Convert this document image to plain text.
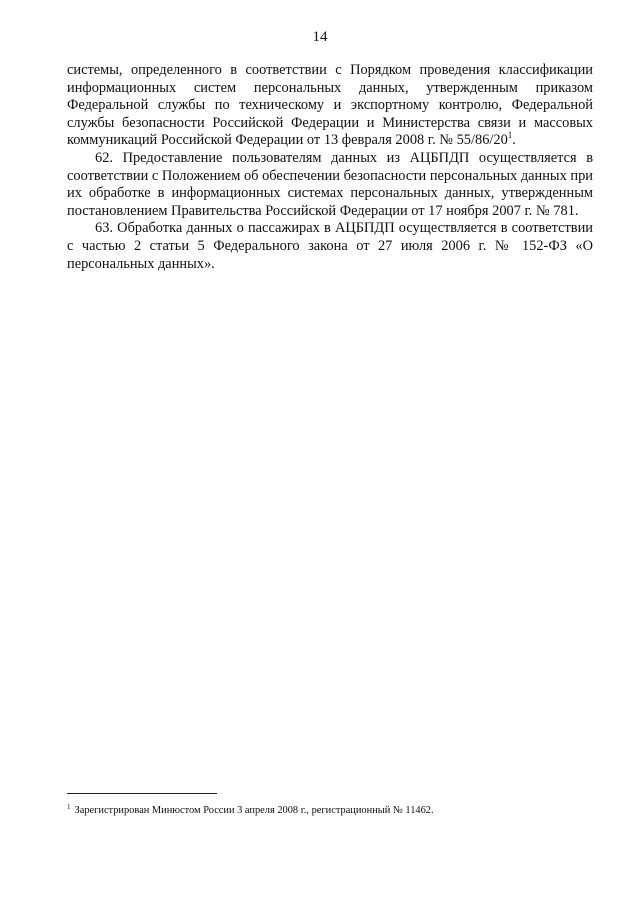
14

системы, определенного в соответствии с Порядком проведения классификации информационных систем персональных данных, утвержденным приказом Федеральной службы по техническому и экспортному контролю, Федеральной службы безопасности Российской Федерации и Министерства связи и массовых коммуникаций Российской Федерации от 13 февраля 2008 г. № 55/86/20$^1$.

62. Предоставление пользователям данных из АЦБПДП осуществляется в соответствии с Положением об обеспечении безопасности персональных данных при их обработке в информационных системах персональных данных, утвержденным постановлением Правительства Российской Федерации от 17 ноября 2007 г. № 781.

63. Обработка данных о пассажирах в АЦБПДП осуществляется в соответствии с частью 2 статьи 5 Федерального закона от 27 июля 2006 г. № 152-ФЗ «О персональных данных».

$^1$ Зарегистрирован Минюстом России 3 апреля 2008 г., регистрационный № 11462.
